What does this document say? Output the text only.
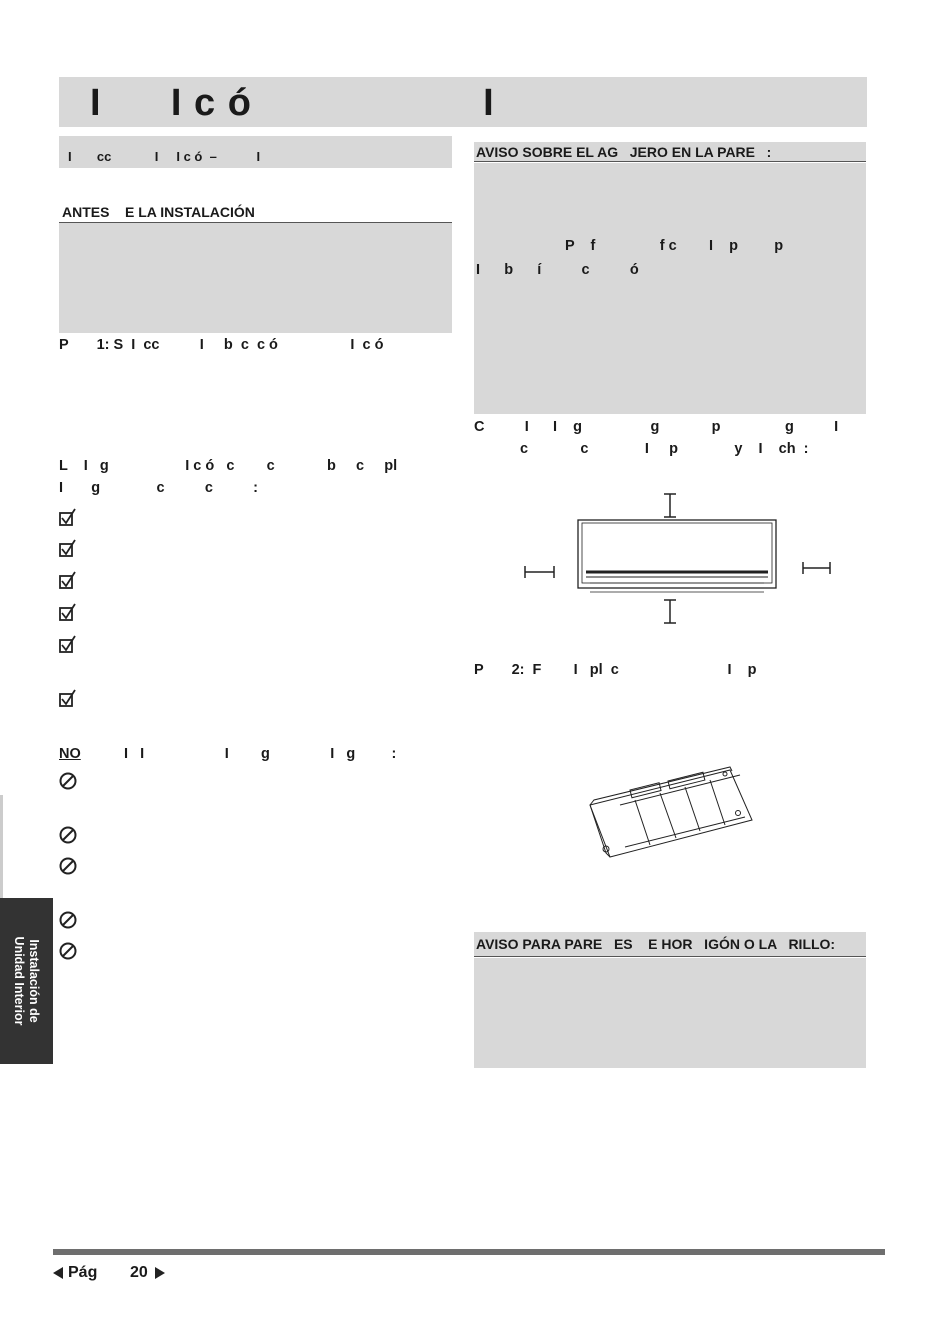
I      I c ó                    I
I       cc            I     I c ó  –           I
ANTES    E LA INSTALACIÓN
P       1: S  I  cc          I     b  c  c ó                  I  c ó
L    I   g                   I c ó   c        c             b     c     pl
I       g              c          c          :
NO	I   I                    I        g               I   g         :
AVISO SOBRE EL AG   JERO EN LA PARE   :
P    f                f c        I    p         p
I      b      í          c          ó
C          I      I    g                 g             p                g          I
c             c              I     p              y    I    ch  :
P       2:  F        I   pl  c                           I    p
AVISO PARA PARE   ES    E HOR   IGÓN O LA   RILLO:
Instalación de
Unidad Interior
Pág 20
